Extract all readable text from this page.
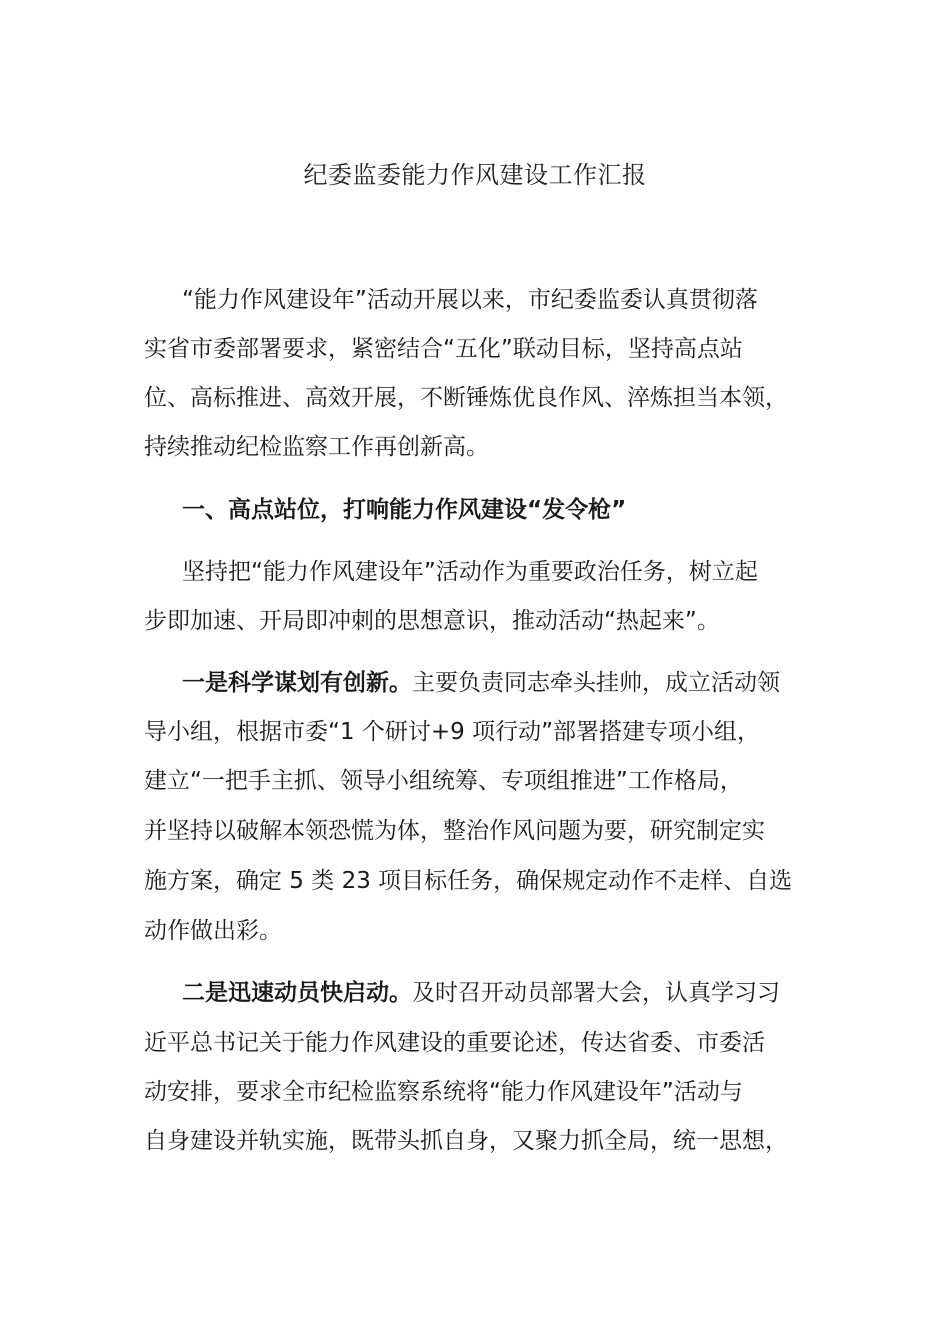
纪委监委能力作风建设工作汇报
“能力作风建设年”活动开展以来，市纪委监委认真贯彻落
实省市委部署要求，紧密结合“五化”联动目标，坚持高点站
位、高标推进、高效开展，不断锤炼优良作风、淬炼担当本领，
持续推动纪检监察工作再创新高。
一、高点站位，打响能力作风建设“发令枪”
坚持把“能力作风建设年”活动作为重要政治任务，树立起
步即加速、开局即冲刺的思想意识，推动活动“热起来”。
一是科学谋划有创新。主要负责同志牵头挂帅，成立活动领
导小组，根据市委“1 个研讨+9 项行动”部署搭建专项小组，
建立“一把手主抓、领导小组统筹、专项组推进”工作格局，
并坚持以破解本领恐慌为体，整治作风问题为要，研究制定实
施方案，确定 5 类 23 项目标任务，确保规定动作不走样、自选
动作做出彩。
二是迅速动员快启动。及时召开动员部署大会，认真学习习
近平总书记关于能力作风建设的重要论述，传达省委、市委活
动安排，要求全市纪检监察系统将“能力作风建设年”活动与
自身建设并轨实施，既带头抓自身，又聚力抓全局，统一思想，
